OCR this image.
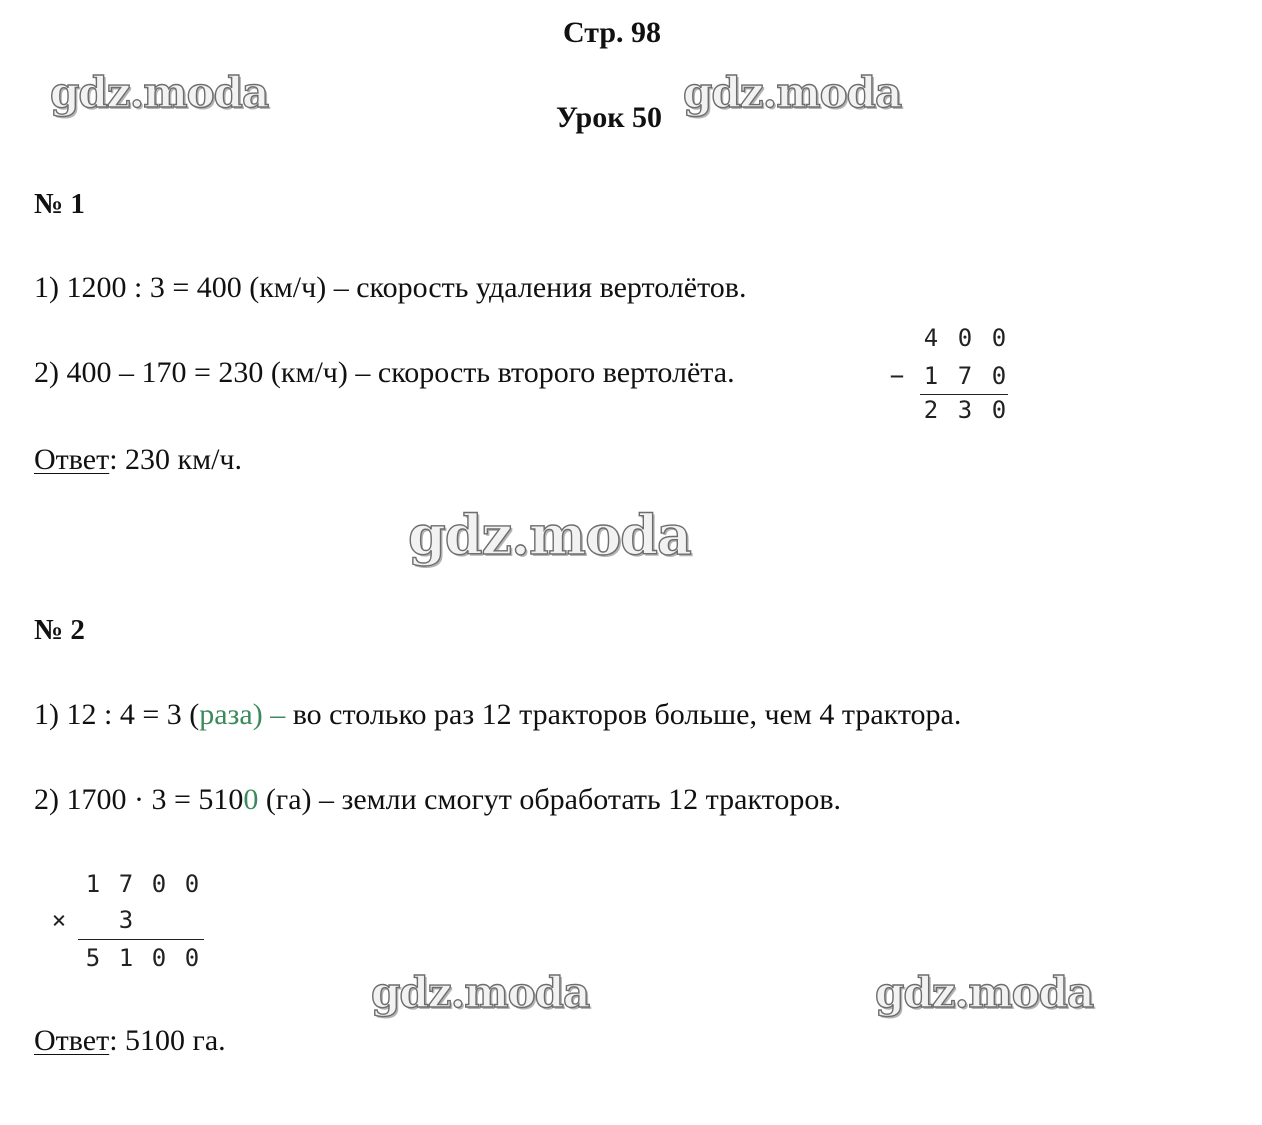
Стр. 98
Урок 50
gdz.moda	gdz.moda
gdz.moda
gdz.moda	gdz.moda
№ 1
1) 1200 : 3 = 400 (км/ч) – скорость удаления вертолётов.
2) 400 – 170 = 230 (км/ч) – скорость второго вертолёта.	−
4 0 0
1 7 0
2 3 0
Ответ: 230 км/ч.
№ 2
1) 12 : 4 = 3 (раза) – во столько раз 12 тракторов больше, чем 4 трактора.
2) 1700 · 3 = 5100 (га) – земли смогут обработать 12 тракторов.
×
1 7 0 0
3
5 1 0 0
Ответ: 5100 га.
